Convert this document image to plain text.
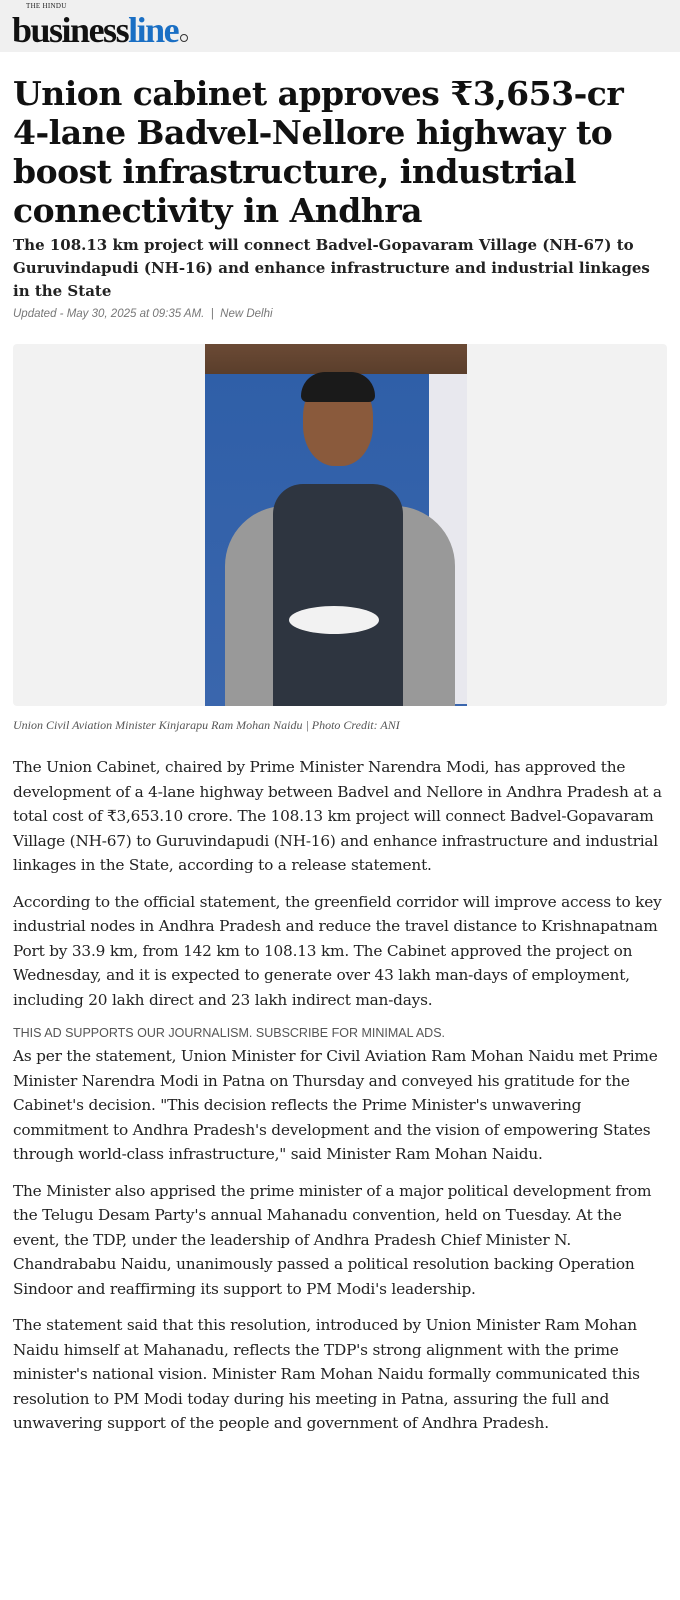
THE HINDU
businessline
Union cabinet approves ₹3,653-cr 4-lane Badvel-Nellore highway to boost infrastructure, industrial connectivity in Andhra
The 108.13 km project will connect Badvel-Gopavaram Village (NH-67) to Guruvindapudi (NH-16) and enhance infrastructure and industrial linkages in the State
Updated - May 30, 2025 at 09:35 AM.  |  New Delhi
Union Civil Aviation Minister Kinjarapu Ram Mohan Naidu | Photo Credit: ANI

The Union Cabinet, chaired by Prime Minister Narendra Modi, has approved the development of a 4-lane highway between Badvel and Nellore in Andhra Pradesh at a total cost of ₹3,653.10 crore. The 108.13 km project will connect Badvel-Gopavaram Village (NH-67) to Guruvindapudi (NH-16) and enhance infrastructure and industrial linkages in the State, according to a release statement.

According to the official statement, the greenfield corridor will improve access to key industrial nodes in Andhra Pradesh and reduce the travel distance to Krishnapatnam Port by 33.9 km, from 142 km to 108.13 km. The Cabinet approved the project on Wednesday, and it is expected to generate over 43 lakh man-days of employment, including 20 lakh direct and 23 lakh indirect man-days.

THIS AD SUPPORTS OUR JOURNALISM. SUBSCRIBE FOR MINIMAL ADS.

As per the statement, Union Minister for Civil Aviation Ram Mohan Naidu met Prime Minister Narendra Modi in Patna on Thursday and conveyed his gratitude for the Cabinet's decision. "This decision reflects the Prime Minister's unwavering commitment to Andhra Pradesh's development and the vision of empowering States through world-class infrastructure," said Minister Ram Mohan Naidu.

The Minister also apprised the prime minister of a major political development from the Telugu Desam Party's annual Mahanadu convention, held on Tuesday. At the event, the TDP, under the leadership of Andhra Pradesh Chief Minister N. Chandrababu Naidu, unanimously passed a political resolution backing Operation Sindoor and reaffirming its support to PM Modi's leadership.

The statement said that this resolution, introduced by Union Minister Ram Mohan Naidu himself at Mahanadu, reflects the TDP's strong alignment with the prime minister's national vision. Minister Ram Mohan Naidu formally communicated this resolution to PM Modi today during his meeting in Patna, assuring the full and unwavering support of the people and government of Andhra Pradesh.
